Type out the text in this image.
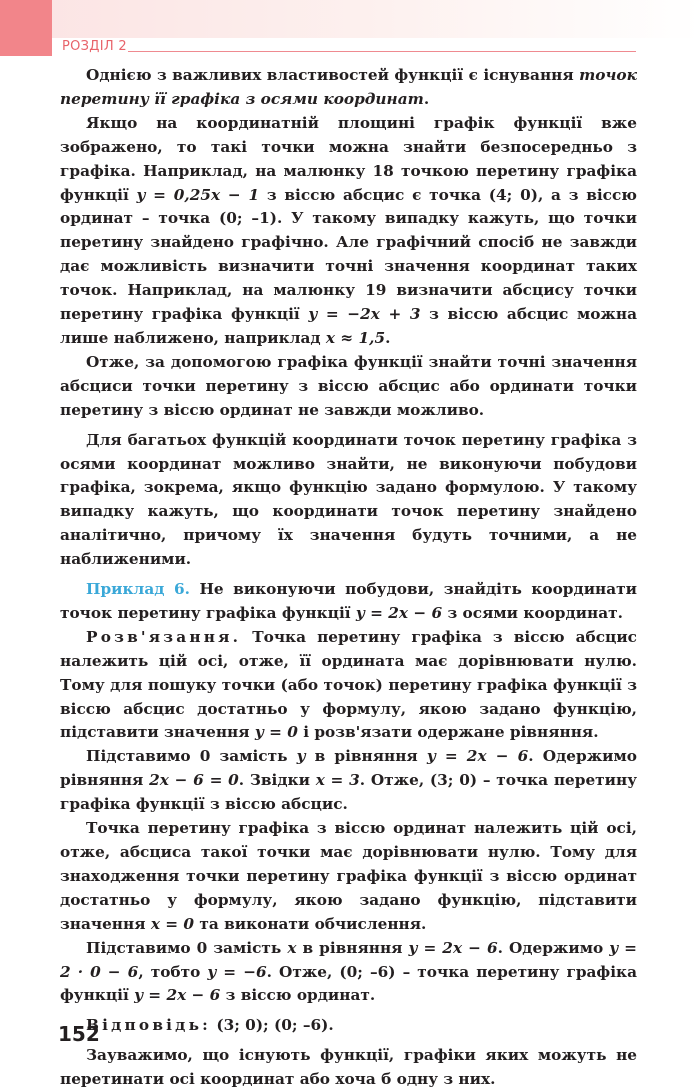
РОЗДІЛ 2

Однією з важливих властивостей функції є існування точок перетину її графіка з осями координат.

Якщо на координатній площині графік функції вже зображено, то такі точки можна знайти безпосередньо з графіка. Наприклад, на малюнку 18 точкою перетину графіка функції y = 0,25x − 1 з віссю абсцис є точка (4; 0), а з віссю ординат – точка (0; –1). У такому випадку кажуть, що точки перетину знайдено графічно. Але графічний спосіб не завжди дає можливість визначити точні значення координат таких точок. Наприклад, на малюнку 19 визначити абсцису точки перетину графіка функції y = −2x + 3 з віссю абсцис можна лише наближено, наприклад x ≈ 1,5.

Отже, за допомогою графіка функції знайти точні значення абсциси точки перетину з віссю абсцис або ординати точки перетину з віссю ординат не завжди можливо.

Для багатьох функцій координати точок перетину графіка з осями координат можливо знайти, не виконуючи побудови графіка, зокрема, якщо функцію задано формулою. У такому випадку кажуть, що координати точок перетину знайдено аналітично, причому їх значення будуть точними, а не наближеними.

Приклад 6. Не виконуючи побудови, знайдіть координати точок перетину графіка функції y = 2x − 6 з осями координат.

Розв'язання. Точка перетину графіка з віссю абсцис належить цій осі, отже, її ордината має дорівнювати нулю. Тому для пошуку точки (або точок) перетину графіка функції з віссю абсцис достатньо у формулу, якою задано функцію, підставити значення y = 0 і розв'язати одержане рівняння.

Підставимо 0 замість y в рівняння y = 2x − 6. Одержимо рівняння 2x − 6 = 0. Звідки x = 3. Отже, (3; 0) – точка перетину графіка функції з віссю абсцис.

Точка перетину графіка з віссю ординат належить цій осі, отже, абсциса такої точки має дорівнювати нулю. Тому для знаходження точки перетину графіка функції з віссю ординат достатньо у формулу, якою задано функцію, підставити значення x = 0 та виконати обчислення.

Підставимо 0 замість x в рівняння y = 2x − 6. Одержимо y = 2 · 0 − 6, тобто y = −6. Отже, (0; –6) – точка перетину графіка функції y = 2x − 6 з віссю ординат.

Відповідь: (3; 0); (0; –6).

Зауважимо, що існують функції, графіки яких можуть не перетинати осі координат або хоча б одну з них.

152
